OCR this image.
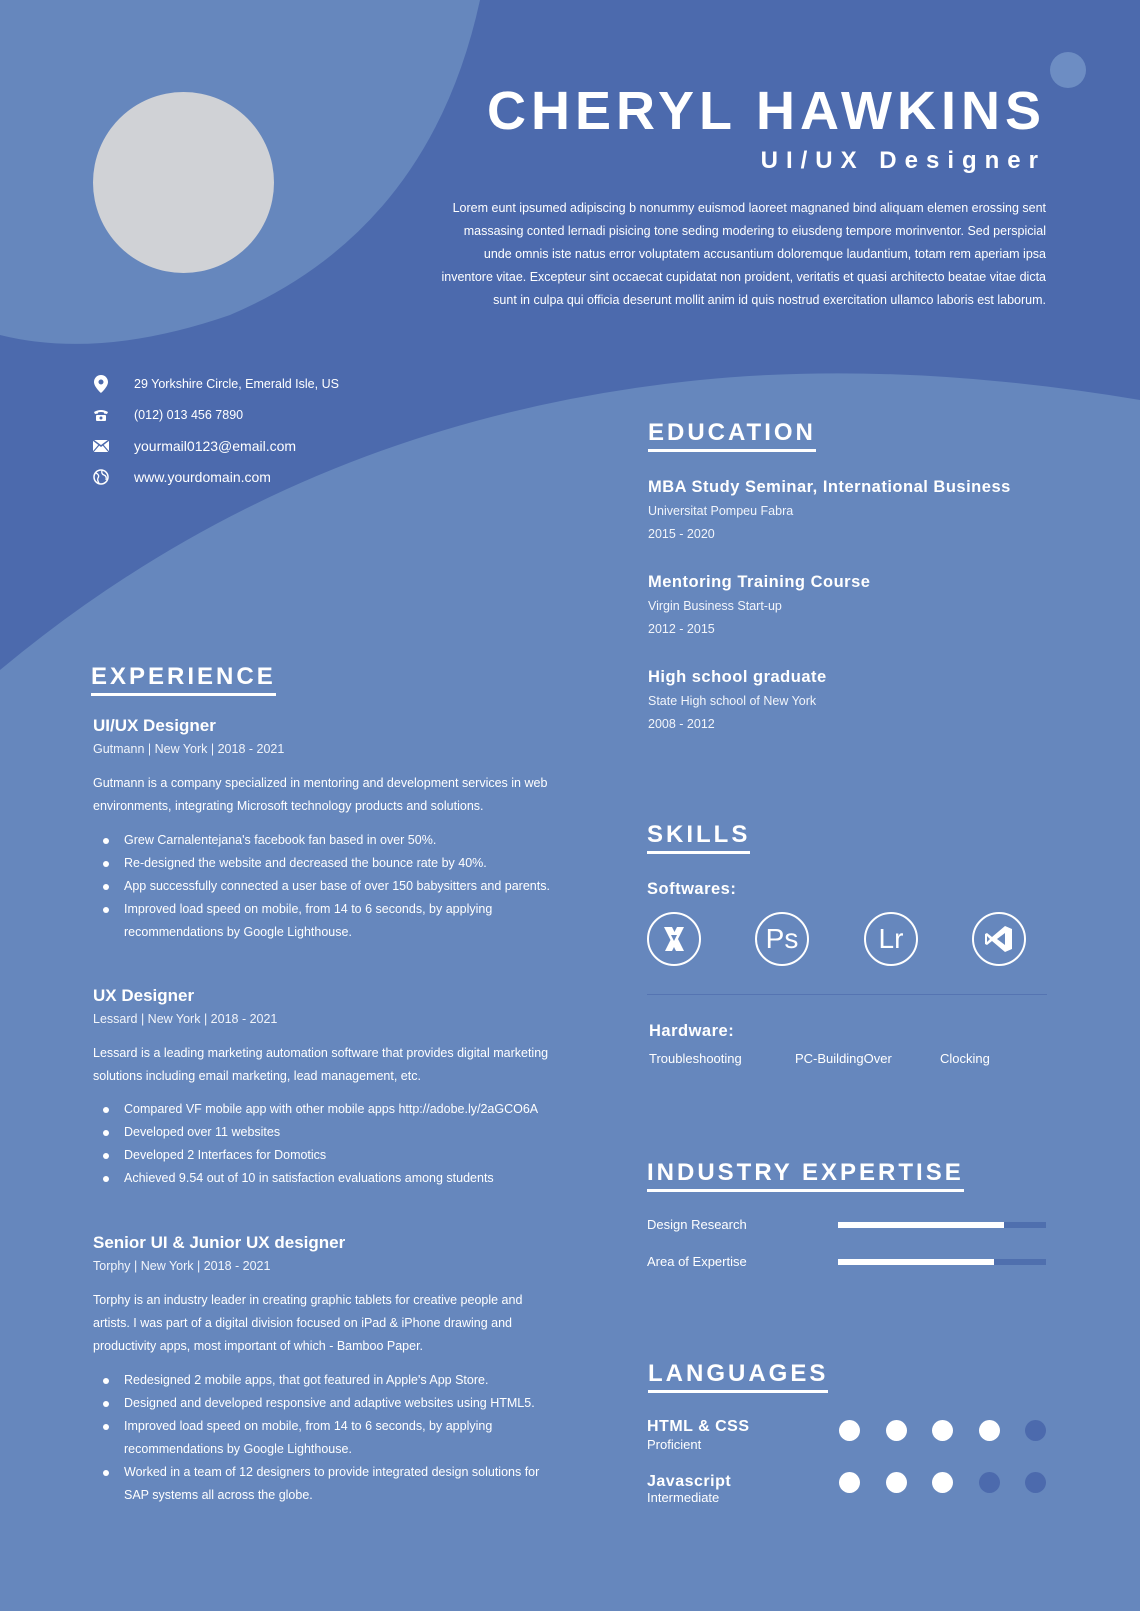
CHERYL HAWKINS
UI/UX Designer
Lorem eunt ipsumed adipiscing b nonummy euismod laoreet magnaned bind aliquam elemen erossing sent massasing conted lernadi pisicing tone seding modering to eiusdeng tempore morinventor. Sed perspicial unde omnis iste natus error voluptatem accusantium doloremque laudantium, totam rem aperiam ipsa inventore vitae. Excepteur sint occaecat cupidatat non proident, veritatis et quasi architecto beatae vitae dicta sunt in culpa qui officia deserunt mollit anim id quis nostrud exercitation ullamco laboris est laborum.
29 Yorkshire Circle, Emerald Isle, US
(012) 013 456 7890
yourmail0123@email.com
www.yourdomain.com
EXPERIENCE
UI/UX Designer
Gutmann | New York | 2018 - 2021
Gutmann is a company specialized in mentoring and development services in web environments, integrating Microsoft technology products and solutions.
Grew Carnalentejana's facebook fan based in over 50%.
Re-designed the website and decreased the bounce rate by 40%.
App successfully connected a user base of over 150 babysitters and parents.
Improved load speed on mobile, from 14 to 6 seconds, by applying recommendations by Google Lighthouse.
UX Designer
Lessard | New York | 2018 - 2021
Lessard is a leading marketing automation software that provides digital marketing solutions including email marketing, lead management, etc.
Compared VF mobile app with other mobile apps http://adobe.ly/2aGCO6A
Developed over 11 websites
Developed 2 Interfaces for Domotics
Achieved 9.54 out of 10 in satisfaction evaluations among students
Senior UI & Junior UX designer
Torphy | New York | 2018 - 2021
Torphy is an industry leader in creating graphic tablets for creative people and artists. I was part of a digital division focused on iPad & iPhone drawing and productivity apps, most important of which - Bamboo Paper.
Redesigned 2 mobile apps, that got featured in Apple's App Store.
Designed and developed responsive and adaptive websites using HTML5.
Improved load speed on mobile, from 14 to 6 seconds, by applying recommendations by Google Lighthouse.
Worked in a team of 12 designers to provide integrated design solutions for SAP systems all across the globe.
EDUCATION
MBA Study Seminar, International Business
Universitat Pompeu Fabra
2015 - 2020
Mentoring Training Course
Virgin Business Start-up
2012 - 2015
High school graduate
State High school of New York
2008 - 2012
SKILLS
Softwares:
Ps	Lr
Hardware:
Troubleshooting	PC-BuildingOver	Clocking
INDUSTRY EXPERTISE
Design Research
Area of Expertise
LANGUAGES
HTML & CSS
Proficient
Javascript
Intermediate
